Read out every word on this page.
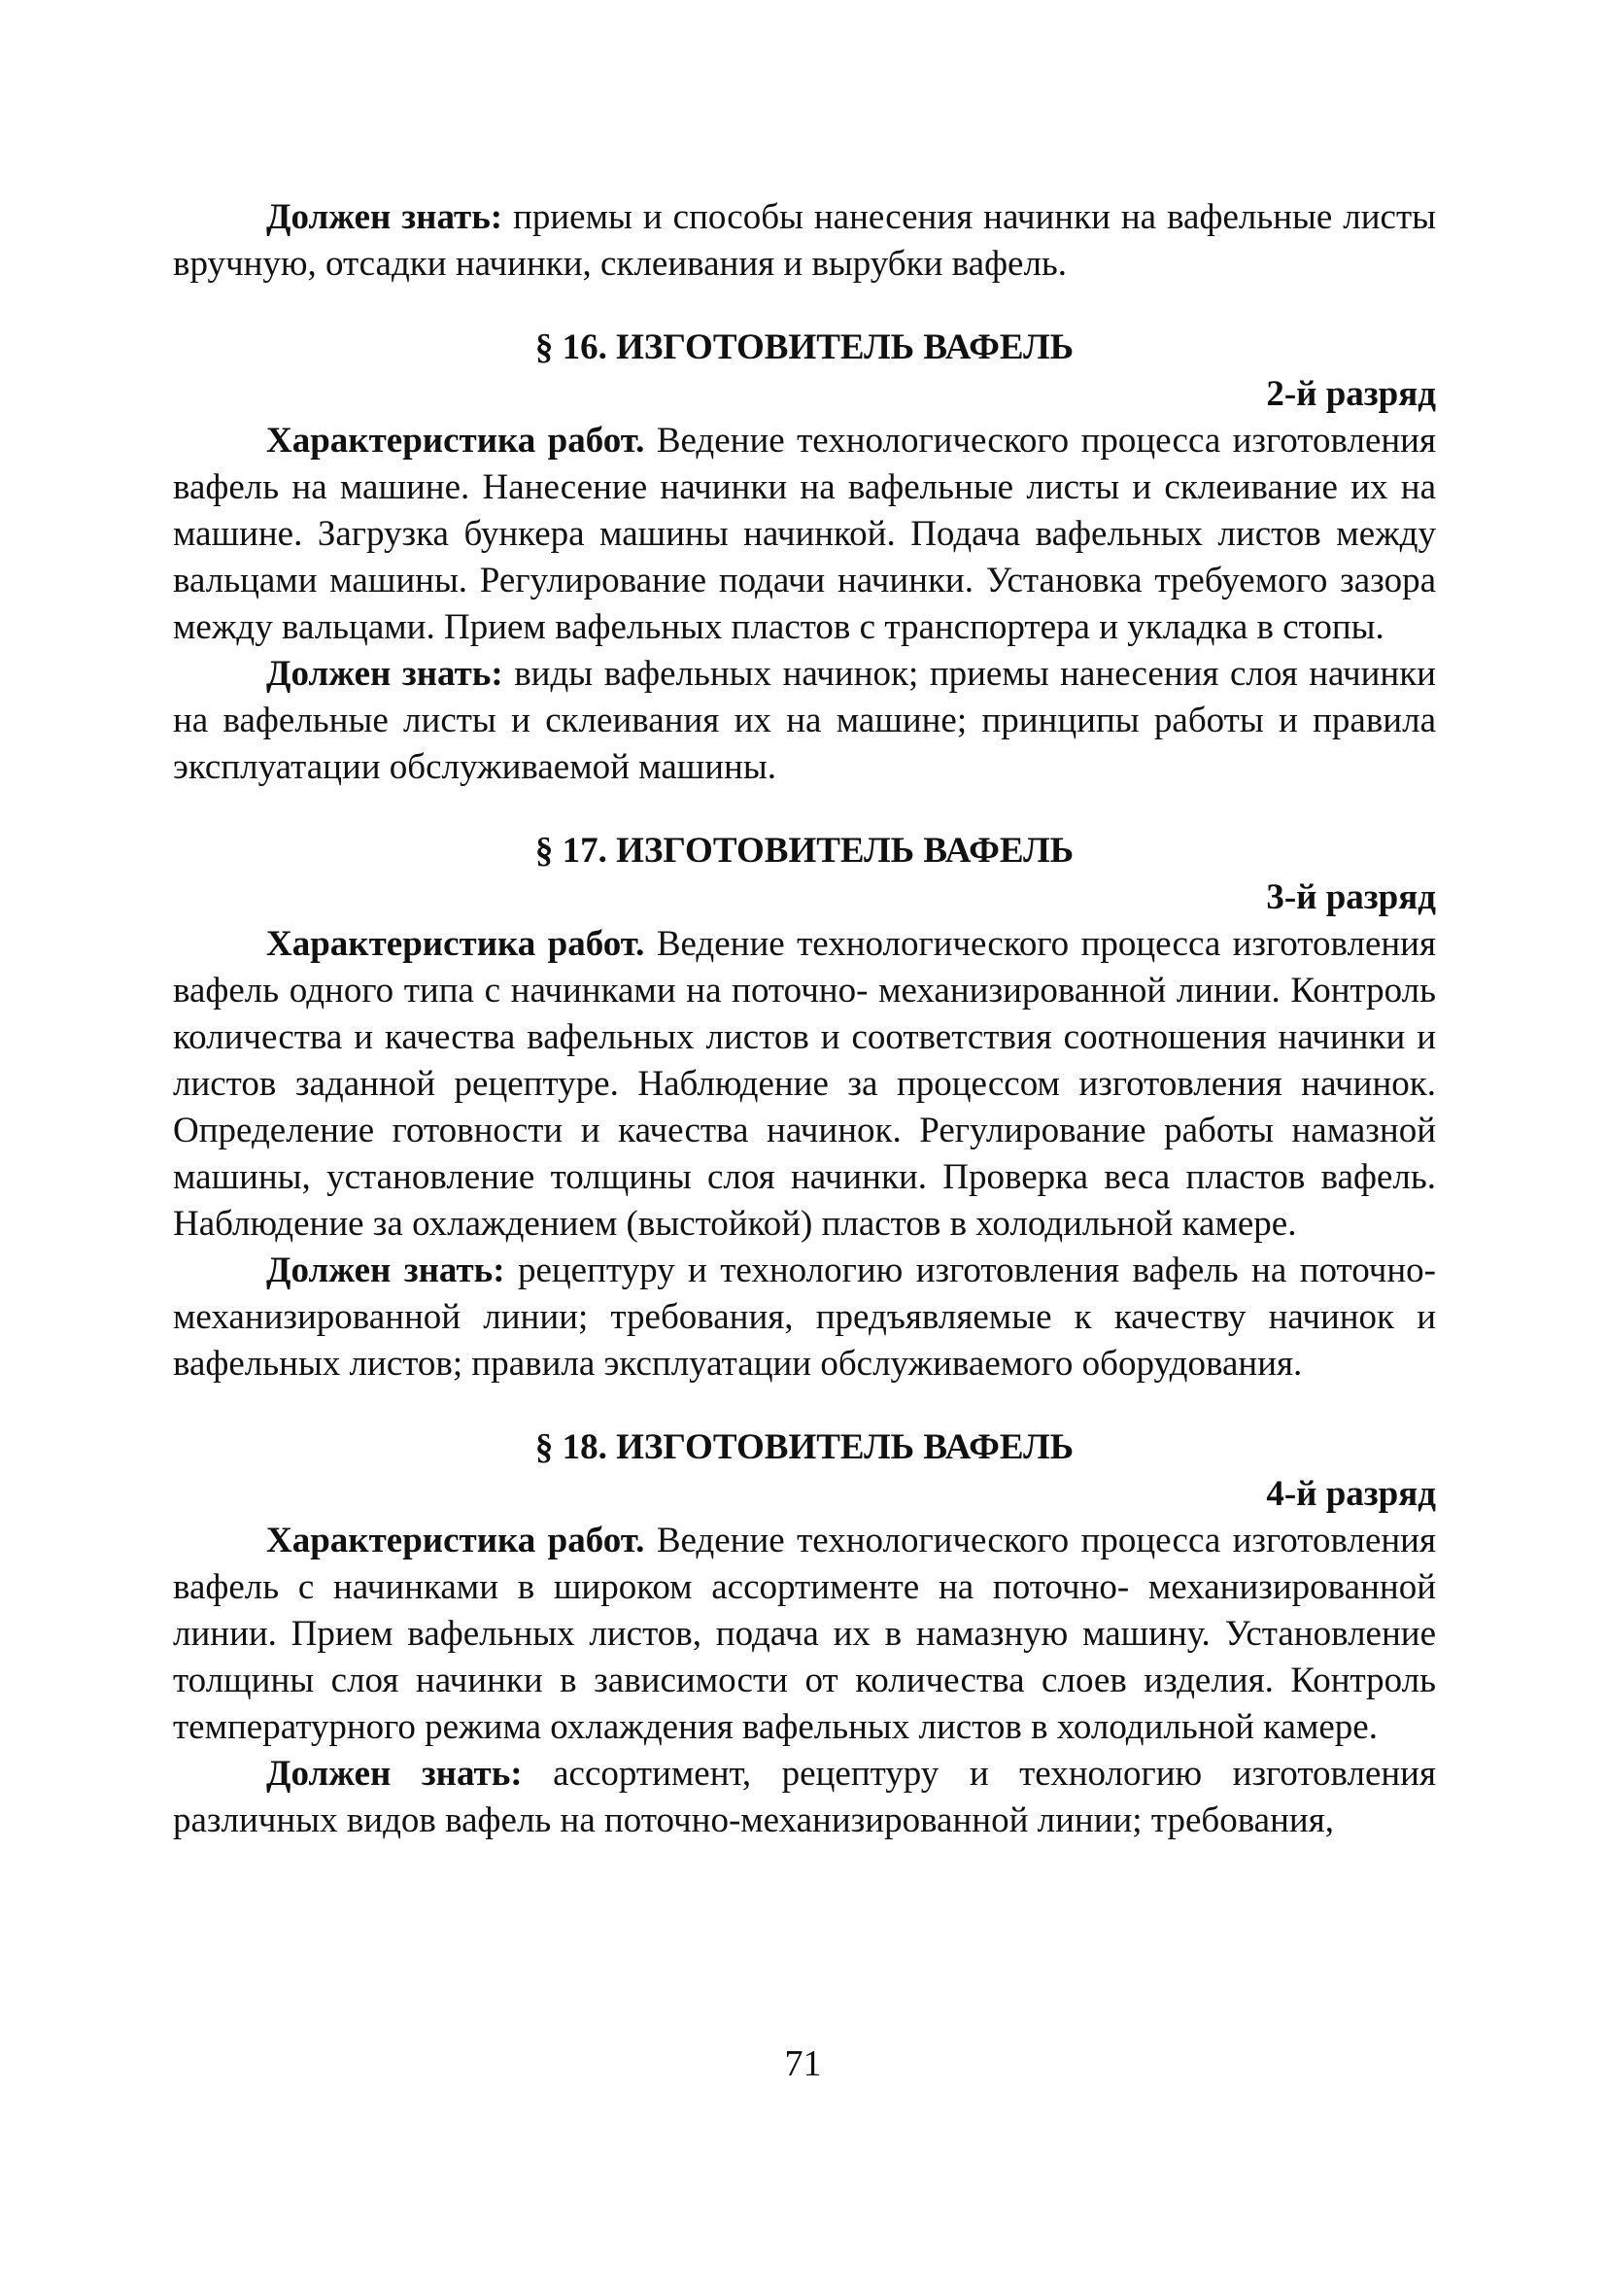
Должен знать: приемы и способы нанесения начинки на вафельные листы вручную, отсадки начинки, склеивания и вырубки вафель.

§ 16. ИЗГОТОВИТЕЛЬ ВАФЕЛЬ
2-й разряд

Характеристика работ. Ведение технологического процесса изготовления вафель на машине. Нанесение начинки на вафельные листы и склеивание их на машине. Загрузка бункера машины начинкой. Подача вафельных листов между вальцами машины. Регулирование подачи начинки. Установка требуемого зазора между вальцами. Прием вафельных пластов с транспортера и укладка в стопы.

Должен знать: виды вафельных начинок; приемы нанесения слоя начинки на вафельные листы и склеивания их на машине; принципы работы и правила эксплуатации обслуживаемой машины.

§ 17. ИЗГОТОВИТЕЛЬ ВАФЕЛЬ
3-й разряд

Характеристика работ. Ведение технологического процесса изготовления вафель одного типа с начинками на поточно- механизированной линии. Контроль количества и качества вафельных листов и соответствия соотношения начинки и листов заданной рецептуре. Наблюдение за процессом изготовления начинок. Определение готовности и качества начинок. Регулирование работы намазной машины, установление толщины слоя начинки. Проверка веса пластов вафель. Наблюдение за охлаждением (выстойкой) пластов в холодильной камере.

Должен знать: рецептуру и технологию изготовления вафель на поточно-механизированной линии; требования, предъявляемые к качеству начинок и вафельных листов; правила эксплуатации обслуживаемого оборудования.

§ 18. ИЗГОТОВИТЕЛЬ ВАФЕЛЬ
4-й разряд

Характеристика работ. Ведение технологического процесса изготовления вафель с начинками в широком ассортименте на поточно- механизированной линии. Прием вафельных листов, подача их в намазную машину. Установление толщины слоя начинки в зависимости от количества слоев изделия. Контроль температурного режима охлаждения вафельных листов в холодильной камере.

Должен знать: ассортимент, рецептуру и технологию изготовления различных видов вафель на поточно-механизированной линии; требования,

71
